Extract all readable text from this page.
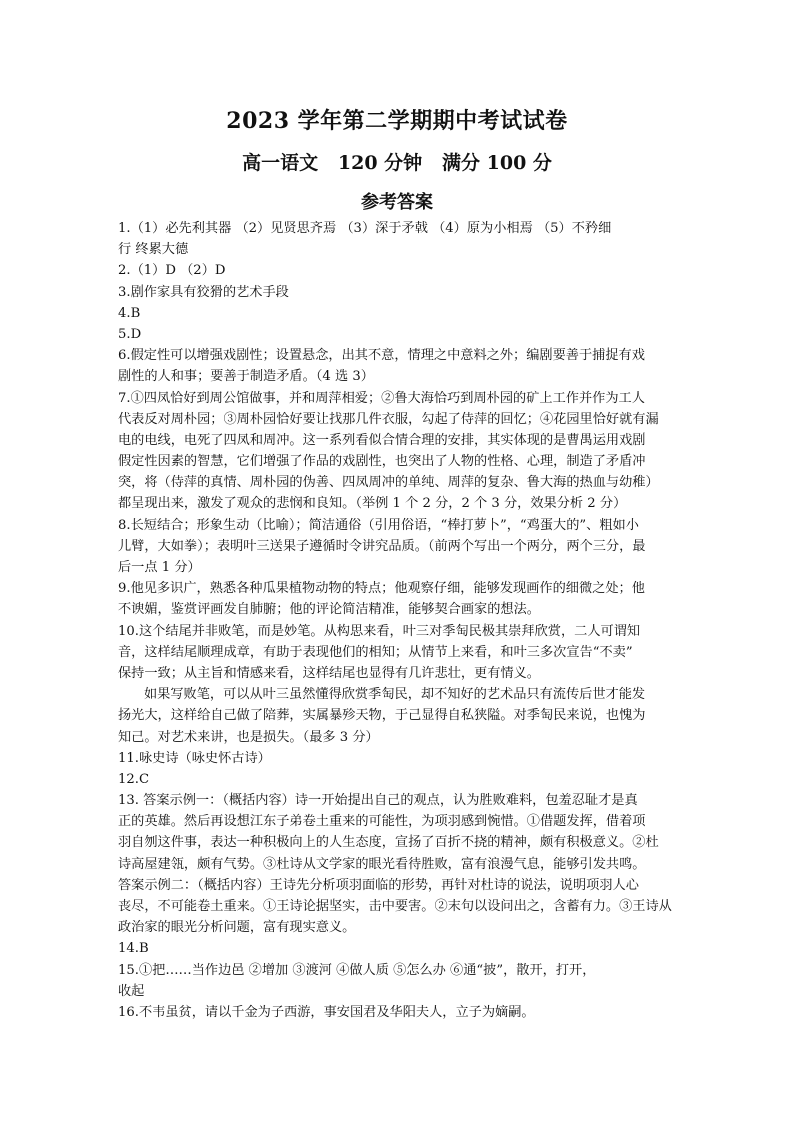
2023 学年第二学期期中考试试卷
高一语文   120 分钟   满分 100 分
参考答案
1.（1）必先利其器 （2）见贤思齐焉 （3）深于矛戟 （4）原为小相焉 （5）不矜细
行 终累大德
2.（1）D （2）D
3.剧作家具有狡猾的艺术手段
4.B
5.D
6.假定性可以增强戏剧性；设置悬念，出其不意，情理之中意料之外；编剧要善于捕捉有戏
剧性的人和事；要善于制造矛盾。（4 选 3）
7.①四凤恰好到周公馆做事，并和周萍相爱；②鲁大海恰巧到周朴园的矿上工作并作为工人
代表反对周朴园；③周朴园恰好要让找那几件衣服，勾起了侍萍的回忆；④花园里恰好就有漏
电的电线，电死了四凤和周冲。这一系列看似合情合理的安排，其实体现的是曹禺运用戏剧
假定性因素的智慧，它们增强了作品的戏剧性，也突出了人物的性格、心理，制造了矛盾冲
突，将（侍萍的真情、周朴园的伪善、四凤周冲的单纯、周萍的复杂、鲁大海的热血与幼稚）
都呈现出来，激发了观众的悲悯和良知。（举例 1 个 2 分，2 个 3 分，效果分析 2 分）
8.长短结合；形象生动（比喻）；简洁通俗（引用俗语，“棒打萝卜”，“鸡蛋大的”、粗如小
儿臂，大如拳）；表明叶三送果子遵循时令讲究品质。（前两个写出一个两分，两个三分，最
后一点 1 分）
9.他见多识广，熟悉各种瓜果植物动物的特点；他观察仔细，能够发现画作的细微之处；他
不谀媚，鉴赏评画发自肺腑；他的评论简洁精准，能够契合画家的想法。
10.这个结尾并非败笔，而是妙笔。从构思来看，叶三对季匋民极其崇拜欣赏，二人可谓知
音，这样结尾顺理成章，有助于表现他们的相知；从情节上来看，和叶三多次宣告“不卖”
保持一致；从主旨和情感来看，这样结尾也显得有几许悲壮，更有情义。
如果写败笔，可以从叶三虽然懂得欣赏季匋民，却不知好的艺术品只有流传后世才能发
扬光大，这样给自己做了陪葬，实属暴殄天物，于己显得自私狭隘。对季匋民来说，也愧为
知己。对艺术来讲，也是损失。（最多 3 分）
11.咏史诗（咏史怀古诗）
12.C
13. 答案示例一：（概括内容）诗一开始提出自己的观点，认为胜败难料，包羞忍耻才是真
正的英雄。然后再设想江东子弟卷土重来的可能性，为项羽感到惋惜。①借题发挥，借着项
羽自刎这件事，表达一种积极向上的人生态度，宣扬了百折不挠的精神，颇有积极意义。②杜
诗高屋建瓴，颇有气势。③杜诗从文学家的眼光看待胜败，富有浪漫气息，能够引发共鸣。
答案示例二：（概括内容）王诗先分析项羽面临的形势，再针对杜诗的说法，说明项羽人心
丧尽，不可能卷土重来。①王诗论据坚实，击中要害。②末句以设问出之，含蓄有力。③王诗从
政治家的眼光分析问题，富有现实意义。
14.B
15.①把……当作边邑 ②增加 ③渡河 ④做人质 ⑤怎么办 ⑥通“披”，散开，打开，
收起
16.不韦虽贫，请以千金为子西游，事安国君及华阳夫人，立子为嫡嗣。
